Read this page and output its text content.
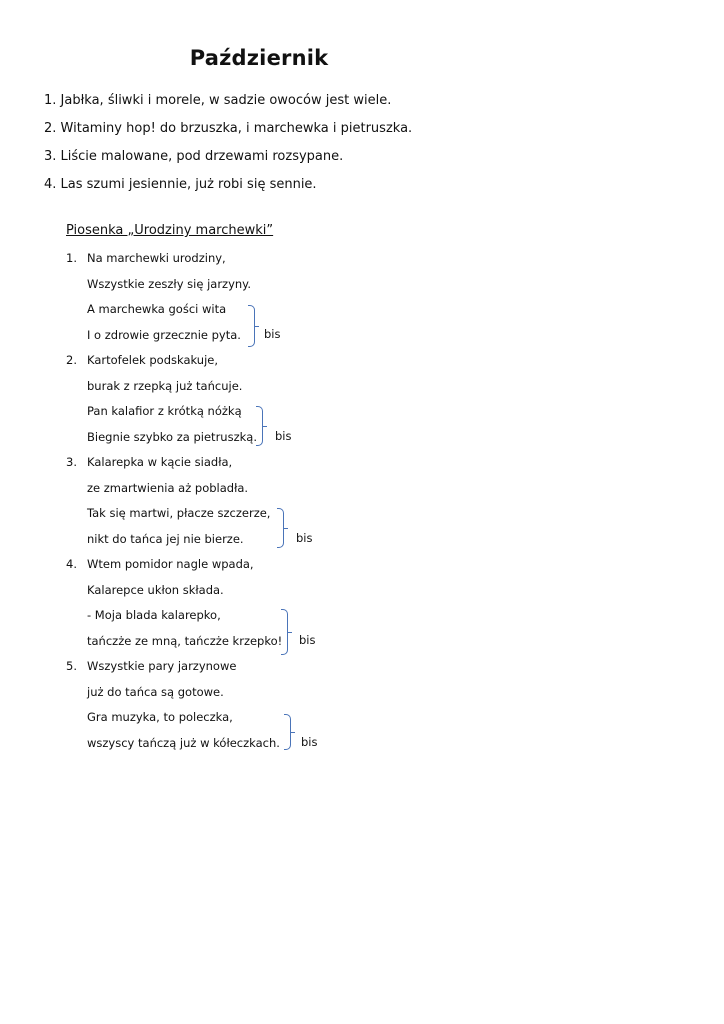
Październik
1. Jabłka, śliwki i morele, w sadzie owoców jest wiele.
2. Witaminy hop! do brzuszka, i marchewka i pietruszka.
3. Liście malowane, pod drzewami rozsypane.
4. Las szumi jesiennie, już robi się sennie.
Piosenka „Urodziny marchewki”
1. Na marchewki urodziny,
Wszystkie zeszły się jarzyny.
A marchewka gości wita
I o zdrowie grzecznie pyta.	bis
2. Kartofelek podskakuje,
burak z rzepką już tańcuje.
Pan kalafior z krótką nóżką
Biegnie szybko za pietruszką.	bis
3. Kalarepka w kącie siadła,
ze zmartwienia aż pobladła.
Tak się martwi, płacze szczerze,
nikt do tańca jej nie bierze.	bis
4. Wtem pomidor nagle wpada,
Kalarepce ukłon składa.
- Moja blada kalarepko,
tańczże ze mną, tańczże krzepko! bis
5. Wszystkie pary jarzynowe
już do tańca są gotowe.
Gra muzyka, to poleczka,
wszyscy tańczą już w kółeczkach. bis
